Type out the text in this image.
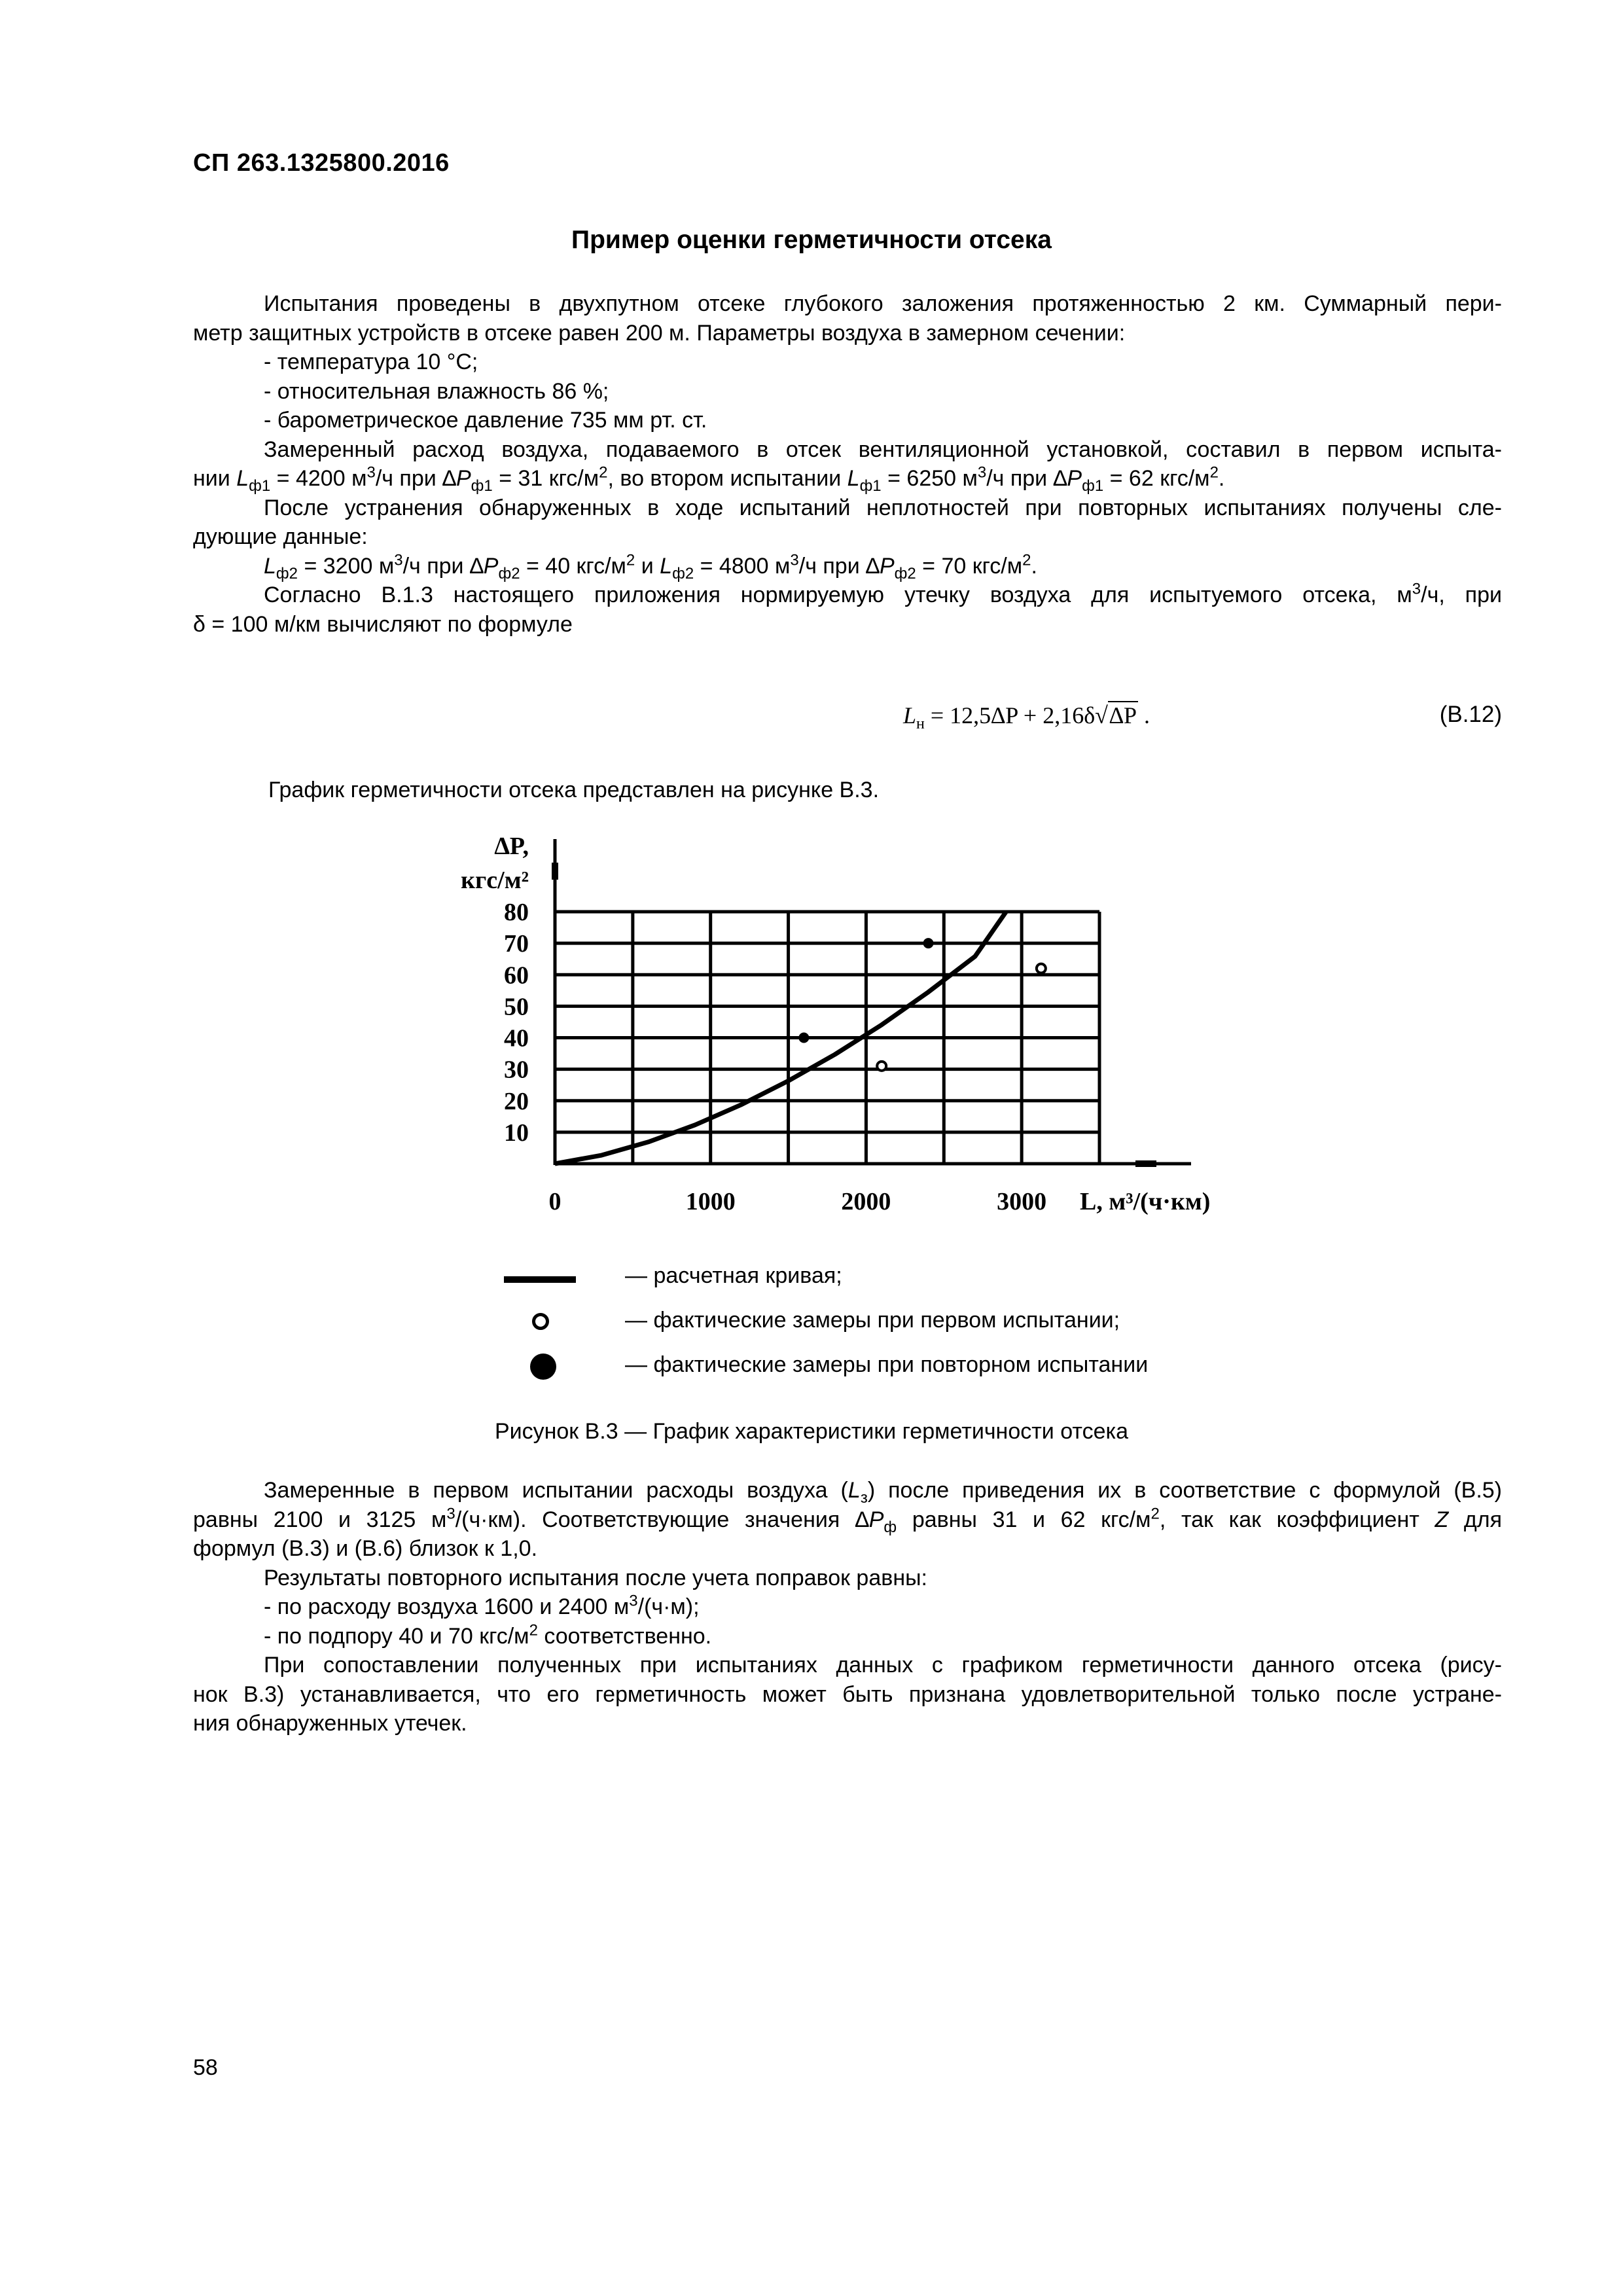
СП 263.1325800.2016
Пример оценки герметичности отсека

Испытания проведены в двухпутном отсеке глубокого заложения протяженностью 2 км. Суммарный пери-

метр защитных устройств в отсеке равен 200 м. Параметры воздуха в замерном сечении:

- температура 10 °С;

- относительная влажность 86 %;

- барометрическое давление 735 мм рт. ст.

Замеренный расход воздуха, подаваемого в отсек вентиляционной установкой, составил в первом испыта-

нии $L_{ф1} = 4200$ $м^3/ч$ при $\Delta P_{ф1} = 31$ кгс/$м^2$, во втором испытании $L_{ф1} = 6250$ $м^3/ч$ при $\Delta P_{ф1} = 62$ кгс/$м^2$.

После устранения обнаруженных в ходе испытаний неплотностей при повторных испытаниях получены сле-

дующие данные:

$L_{ф2} = 3200$ $м^3/ч$ при $\Delta P_{ф2} = 40$ кгс/$м^2$ и $L_{ф2} = 4800$ $м^3/ч$ при $\Delta P_{ф2} = 70$ кгс/$м^2$.

Согласно В.1.3 настоящего приложения нормируемую утечку воздуха для испытуемого отсека, $м^3/ч$, при

δ = 100 м/км вычисляют по формуле

$L_н = 12,5\Delta P + 2,16\delta√\Delta P$ .	(В.12)
График герметичности отсека представлен на рисунке В.3.
∆P,
кгс/м²
80
70
60
50
40
30
20
10
0	1000	2000	3000 L, м³/(ч·км)
— расчетная кривая;
— фактические замеры при первом испытании;
— фактические замеры при повторном испытании
Рисунок В.3 — График характеристики герметичности отсека

Замеренные в первом испытании расходы воздуха $(L_з)$ после приведения их в соответствие с формулой (В.5)

равны 2100 и 3125 $м^3/(ч\cdot км)$. Соответствующие значения $\Delta P_ф$ равны 31 и 62 кгс/$м^2$, так как коэффициент Z для

формул (В.3) и (В.6) близок к 1,0.

Результаты повторного испытания после учета поправок равны:

- по расходу воздуха 1600 и 2400 $м^3/(ч\cdot м)$;

- по подпору 40 и 70 кгс/$м^2$ соответственно.

При сопоставлении полученных при испытаниях данных с графиком герметичности данного отсека (рису-

нок В.3) устанавливается, что его герметичность может быть признана удовлетворительной только после устране-

ния обнаруженных утечек.

58
